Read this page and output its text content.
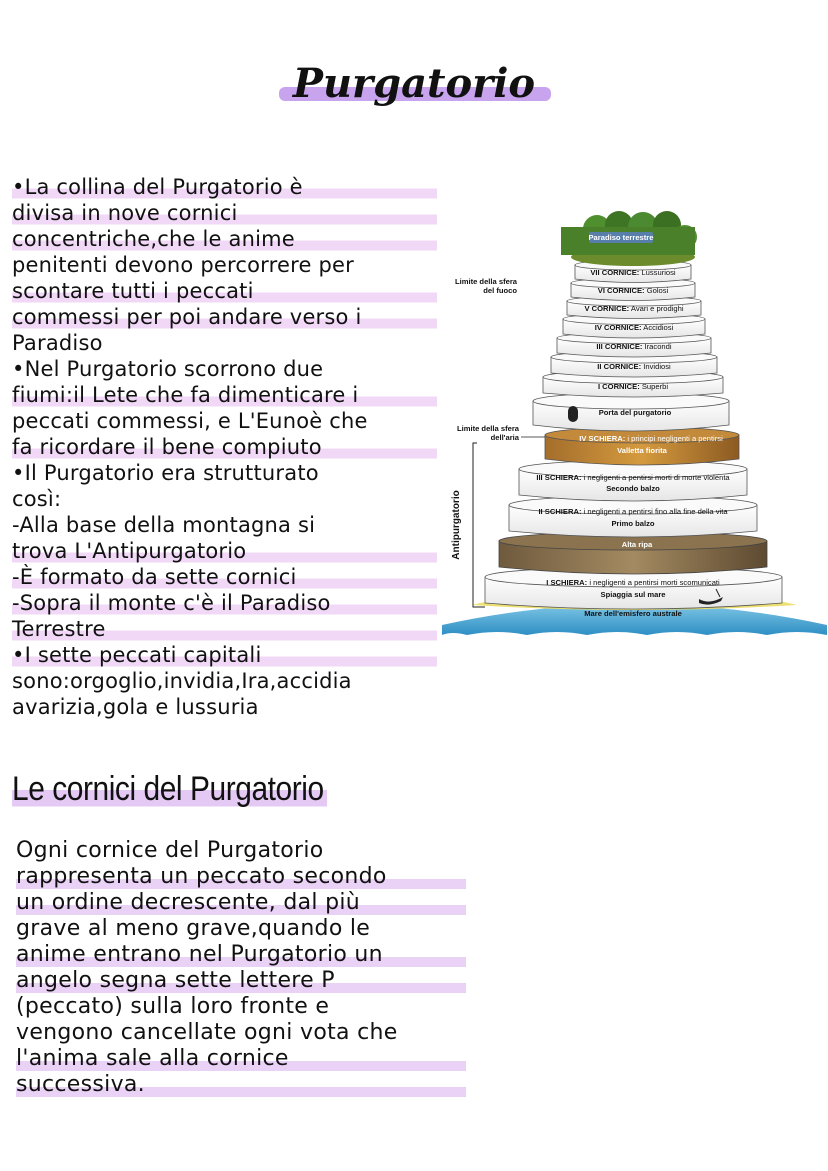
Purgatorio
•La collina del Purgatorio è
divisa in nove cornici
concentriche,che le anime
penitenti devono percorrere per
scontare tutti i peccati
commessi per poi andare verso i
Paradiso
•Nel Purgatorio scorrono due
fiumi:il Lete che fa dimenticare i
peccati commessi, e L'Eunoè che
fa ricordare il bene compiuto
•Il Purgatorio era strutturato
così:
-Alla base della montagna si
trova L'Antipurgatorio
-È formato da sette cornici
-Sopra il monte c'è il Paradiso
Terrestre
•I sette peccati capitali
sono:orgoglio,invidia,Ira,accidia
avarizia,gola e lussuria
Le cornici del Purgatorio
Ogni cornice del Purgatorio
rappresenta un peccato secondo
un ordine decrescente, dal più
grave al meno grave,quando le
anime entrano nel Purgatorio un
angelo segna sette lettere P
(peccato) sulla loro fronte e
vengono cancellate ogni vota che
l'anima sale alla cornice
successiva.
Paradiso terrestre
VII CORNICE: Lussuriosi
VI CORNICE: Golosi
V CORNICE: Avari e prodighi
IV CORNICE: Accidiosi
III CORNICE: Iracondi
II CORNICE: Invidiosi
I CORNICE: Superbi
Porta del purgatorio
IV SCHIERA: i principi negligenti a pentirsi
Valletta fiorita
III SCHIERA: i negligenti a pentirsi morti di morte violenta
Secondo balzo
II SCHIERA: i negligenti a pentirsi fino alla fine della vita
Primo balzo
Alta ripa
I SCHIERA: i negligenti a pentirsi morti scomunicati
Spiaggia sul mare
Mare dell'emisfero australe
Limite della sfera
del fuoco
Limite della sfera
dell'aria
Antipurgatorio
